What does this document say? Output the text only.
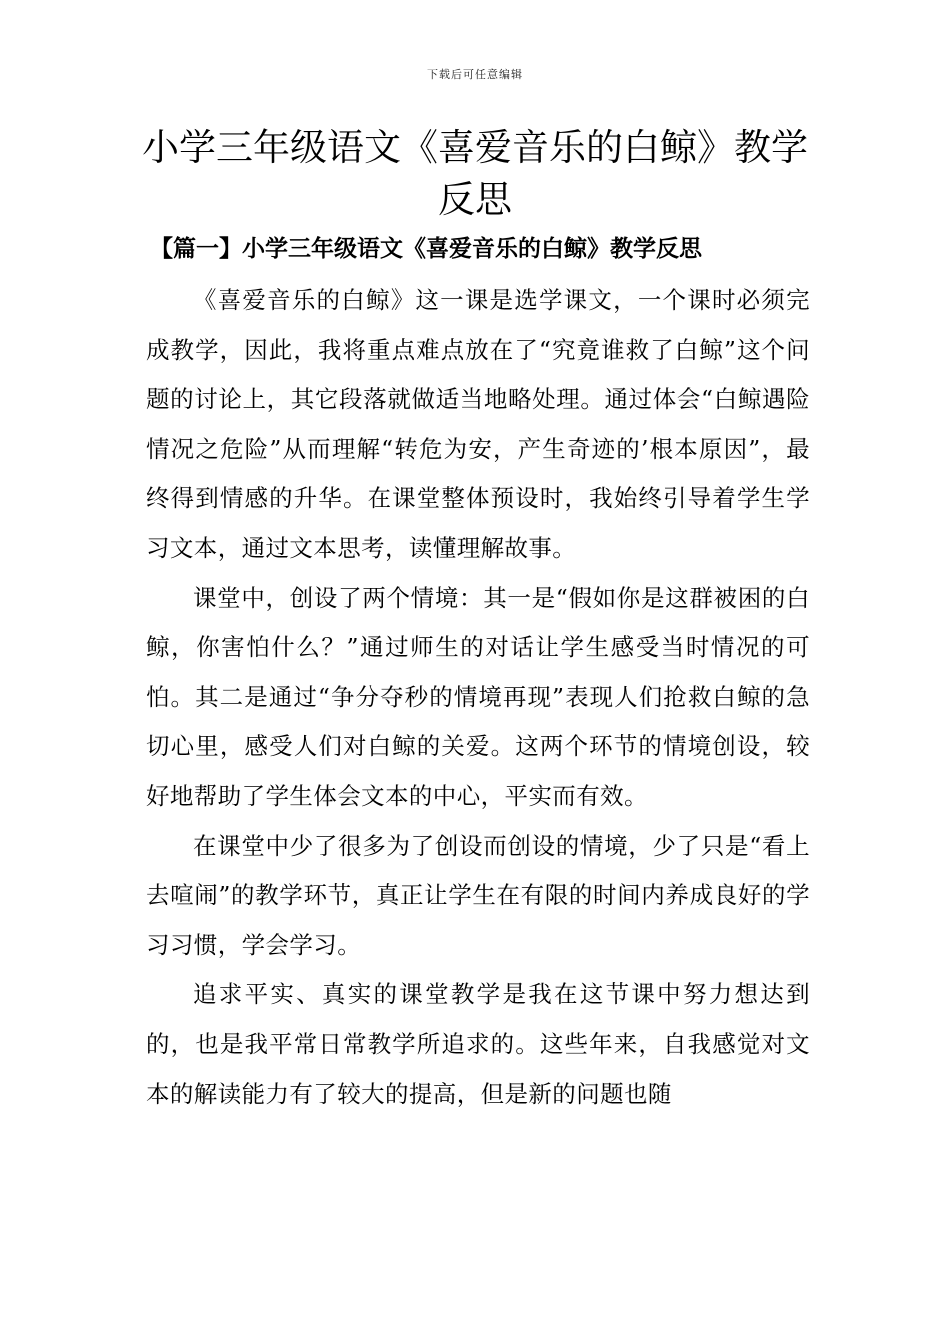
下载后可任意编辑
小学三年级语文《喜爱音乐的白鲸》教学反思
【篇一】小学三年级语文《喜爱音乐的白鲸》教学反思

《喜爱音乐的白鲸》这一课是选学课文，一个课时必须完成教学，因此，我将重点难点放在了“究竟谁救了白鲸”这个问题的讨论上，其它段落就做适当地略处理。通过体会“白鲸遇险情况之危险”从而理解“转危为安，产生奇迹的’根本原因”，最终得到情感的升华。在课堂整体预设时，我始终引导着学生学习文本，通过文本思考，读懂理解故事。

课堂中，创设了两个情境：其一是“假如你是这群被困的白鲸，你害怕什么？”通过师生的对话让学生感受当时情况的可怕。其二是通过“争分夺秒的情境再现”表现人们抢救白鲸的急切心里，感受人们对白鲸的关爱。这两个环节的情境创设，较好地帮助了学生体会文本的中心，平实而有效。

在课堂中少了很多为了创设而创设的情境，少了只是“看上去喧闹”的教学环节，真正让学生在有限的时间内养成良好的学习习惯，学会学习。

追求平实、真实的课堂教学是我在这节课中努力想达到的，也是我平常日常教学所追求的。这些年来，自我感觉对文本的解读能力有了较大的提高，但是新的问题也随
